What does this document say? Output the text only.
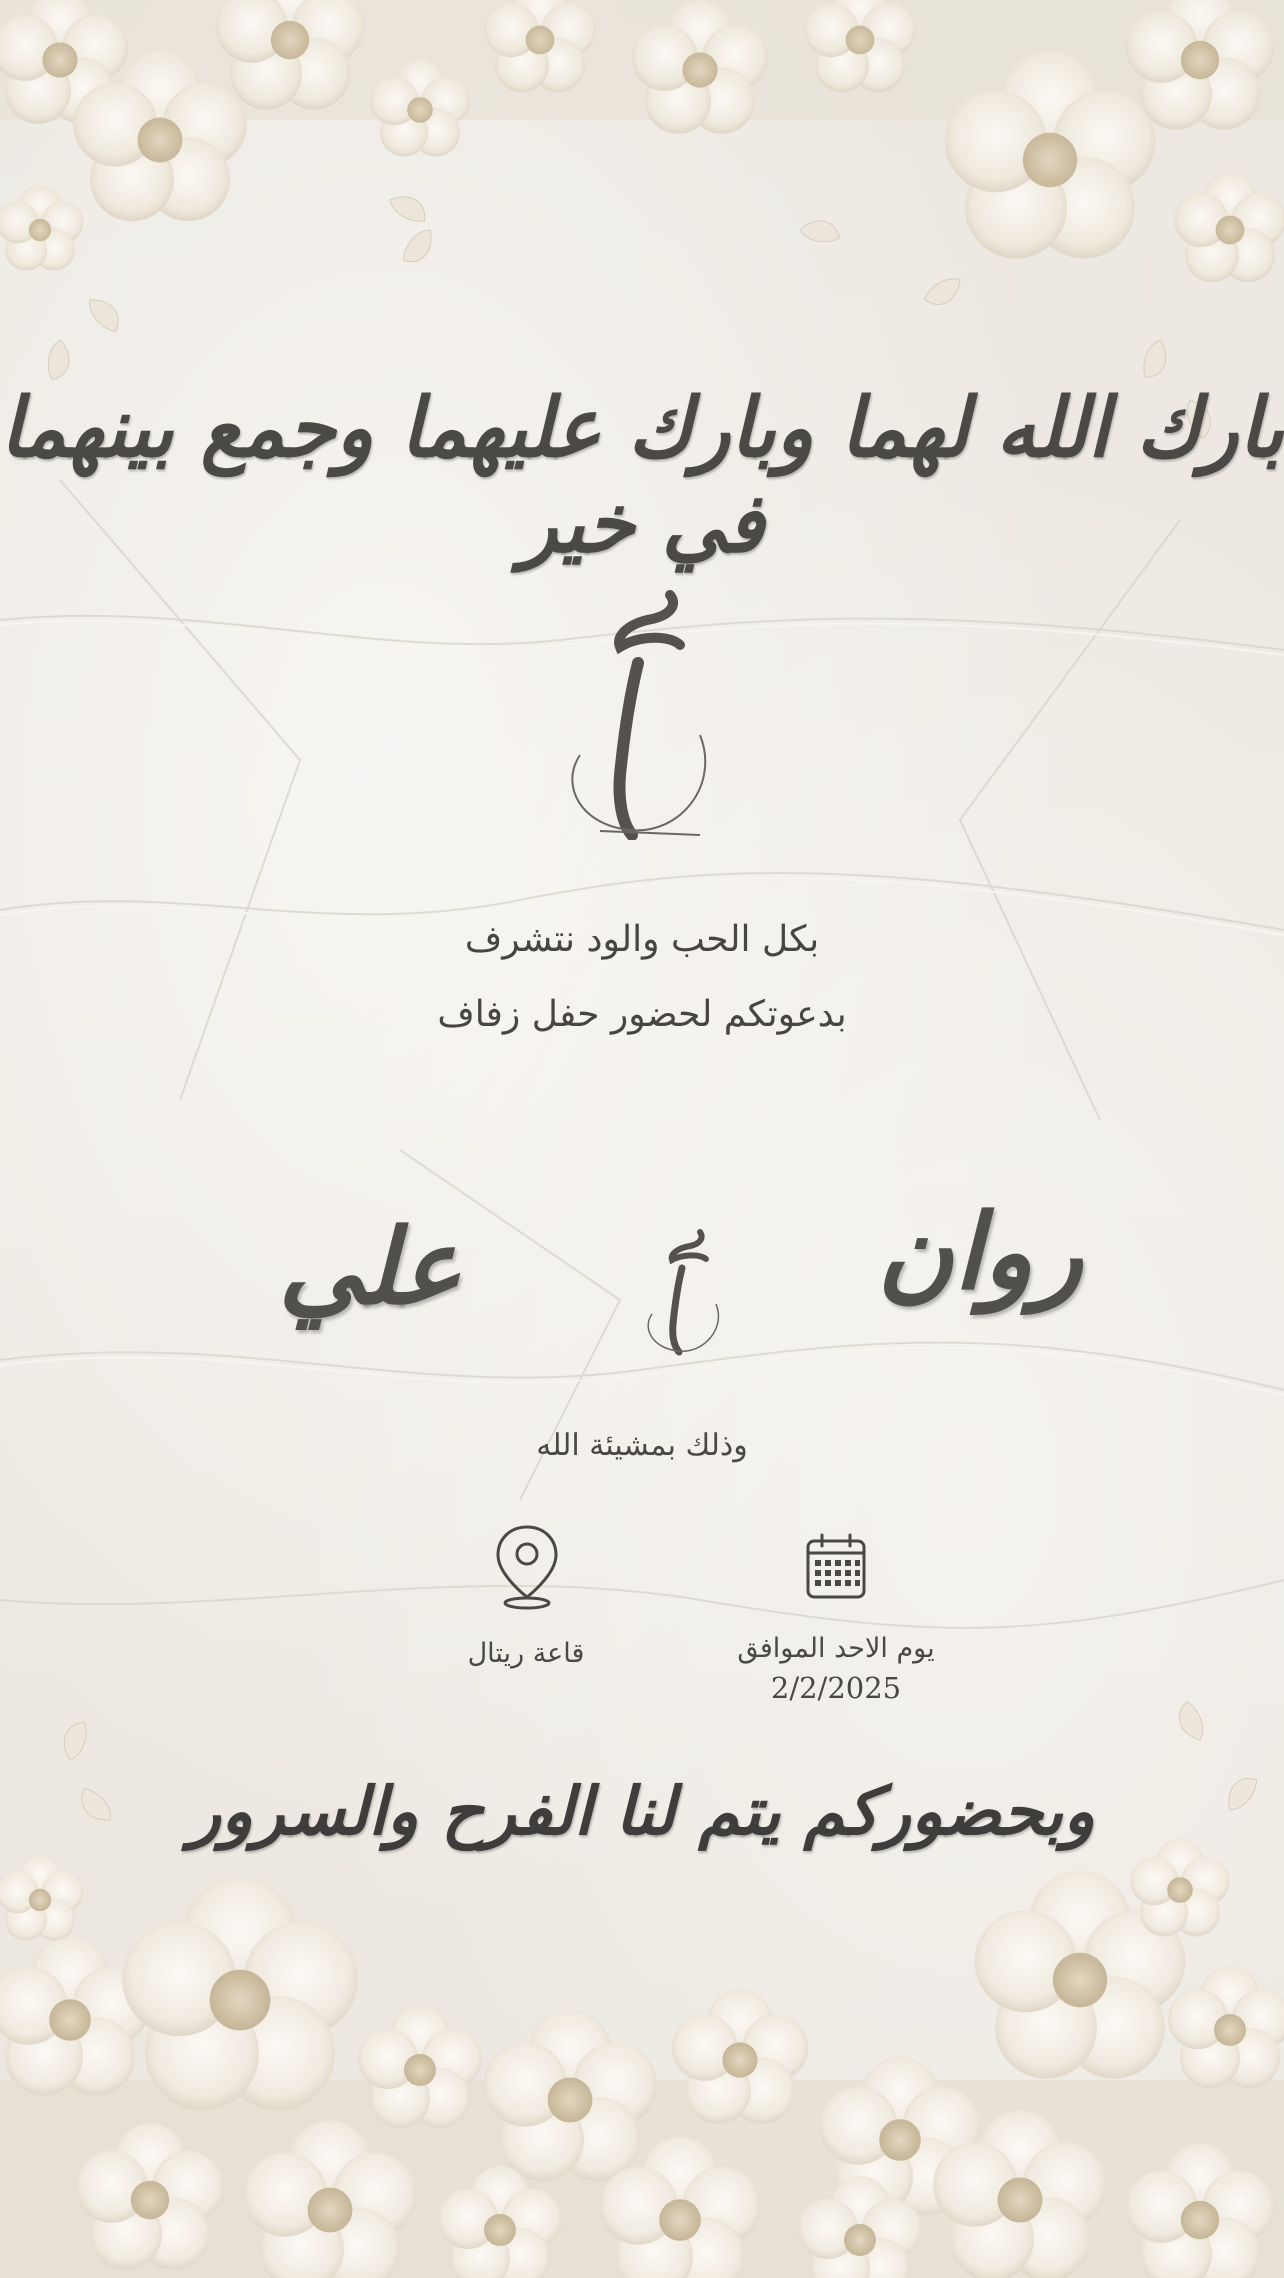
بارك الله لهما وبارك عليهما وجمع بينهما في خير
بكل الحب والود نتشرف
بدعوتكم لحضور حفل زفاف
روان
علي
وذلك بمشيئة الله
يوم الاحد الموافق
2/2/2025
قاعة ريتال
وبحضوركم يتم لنا الفرح والسرور
